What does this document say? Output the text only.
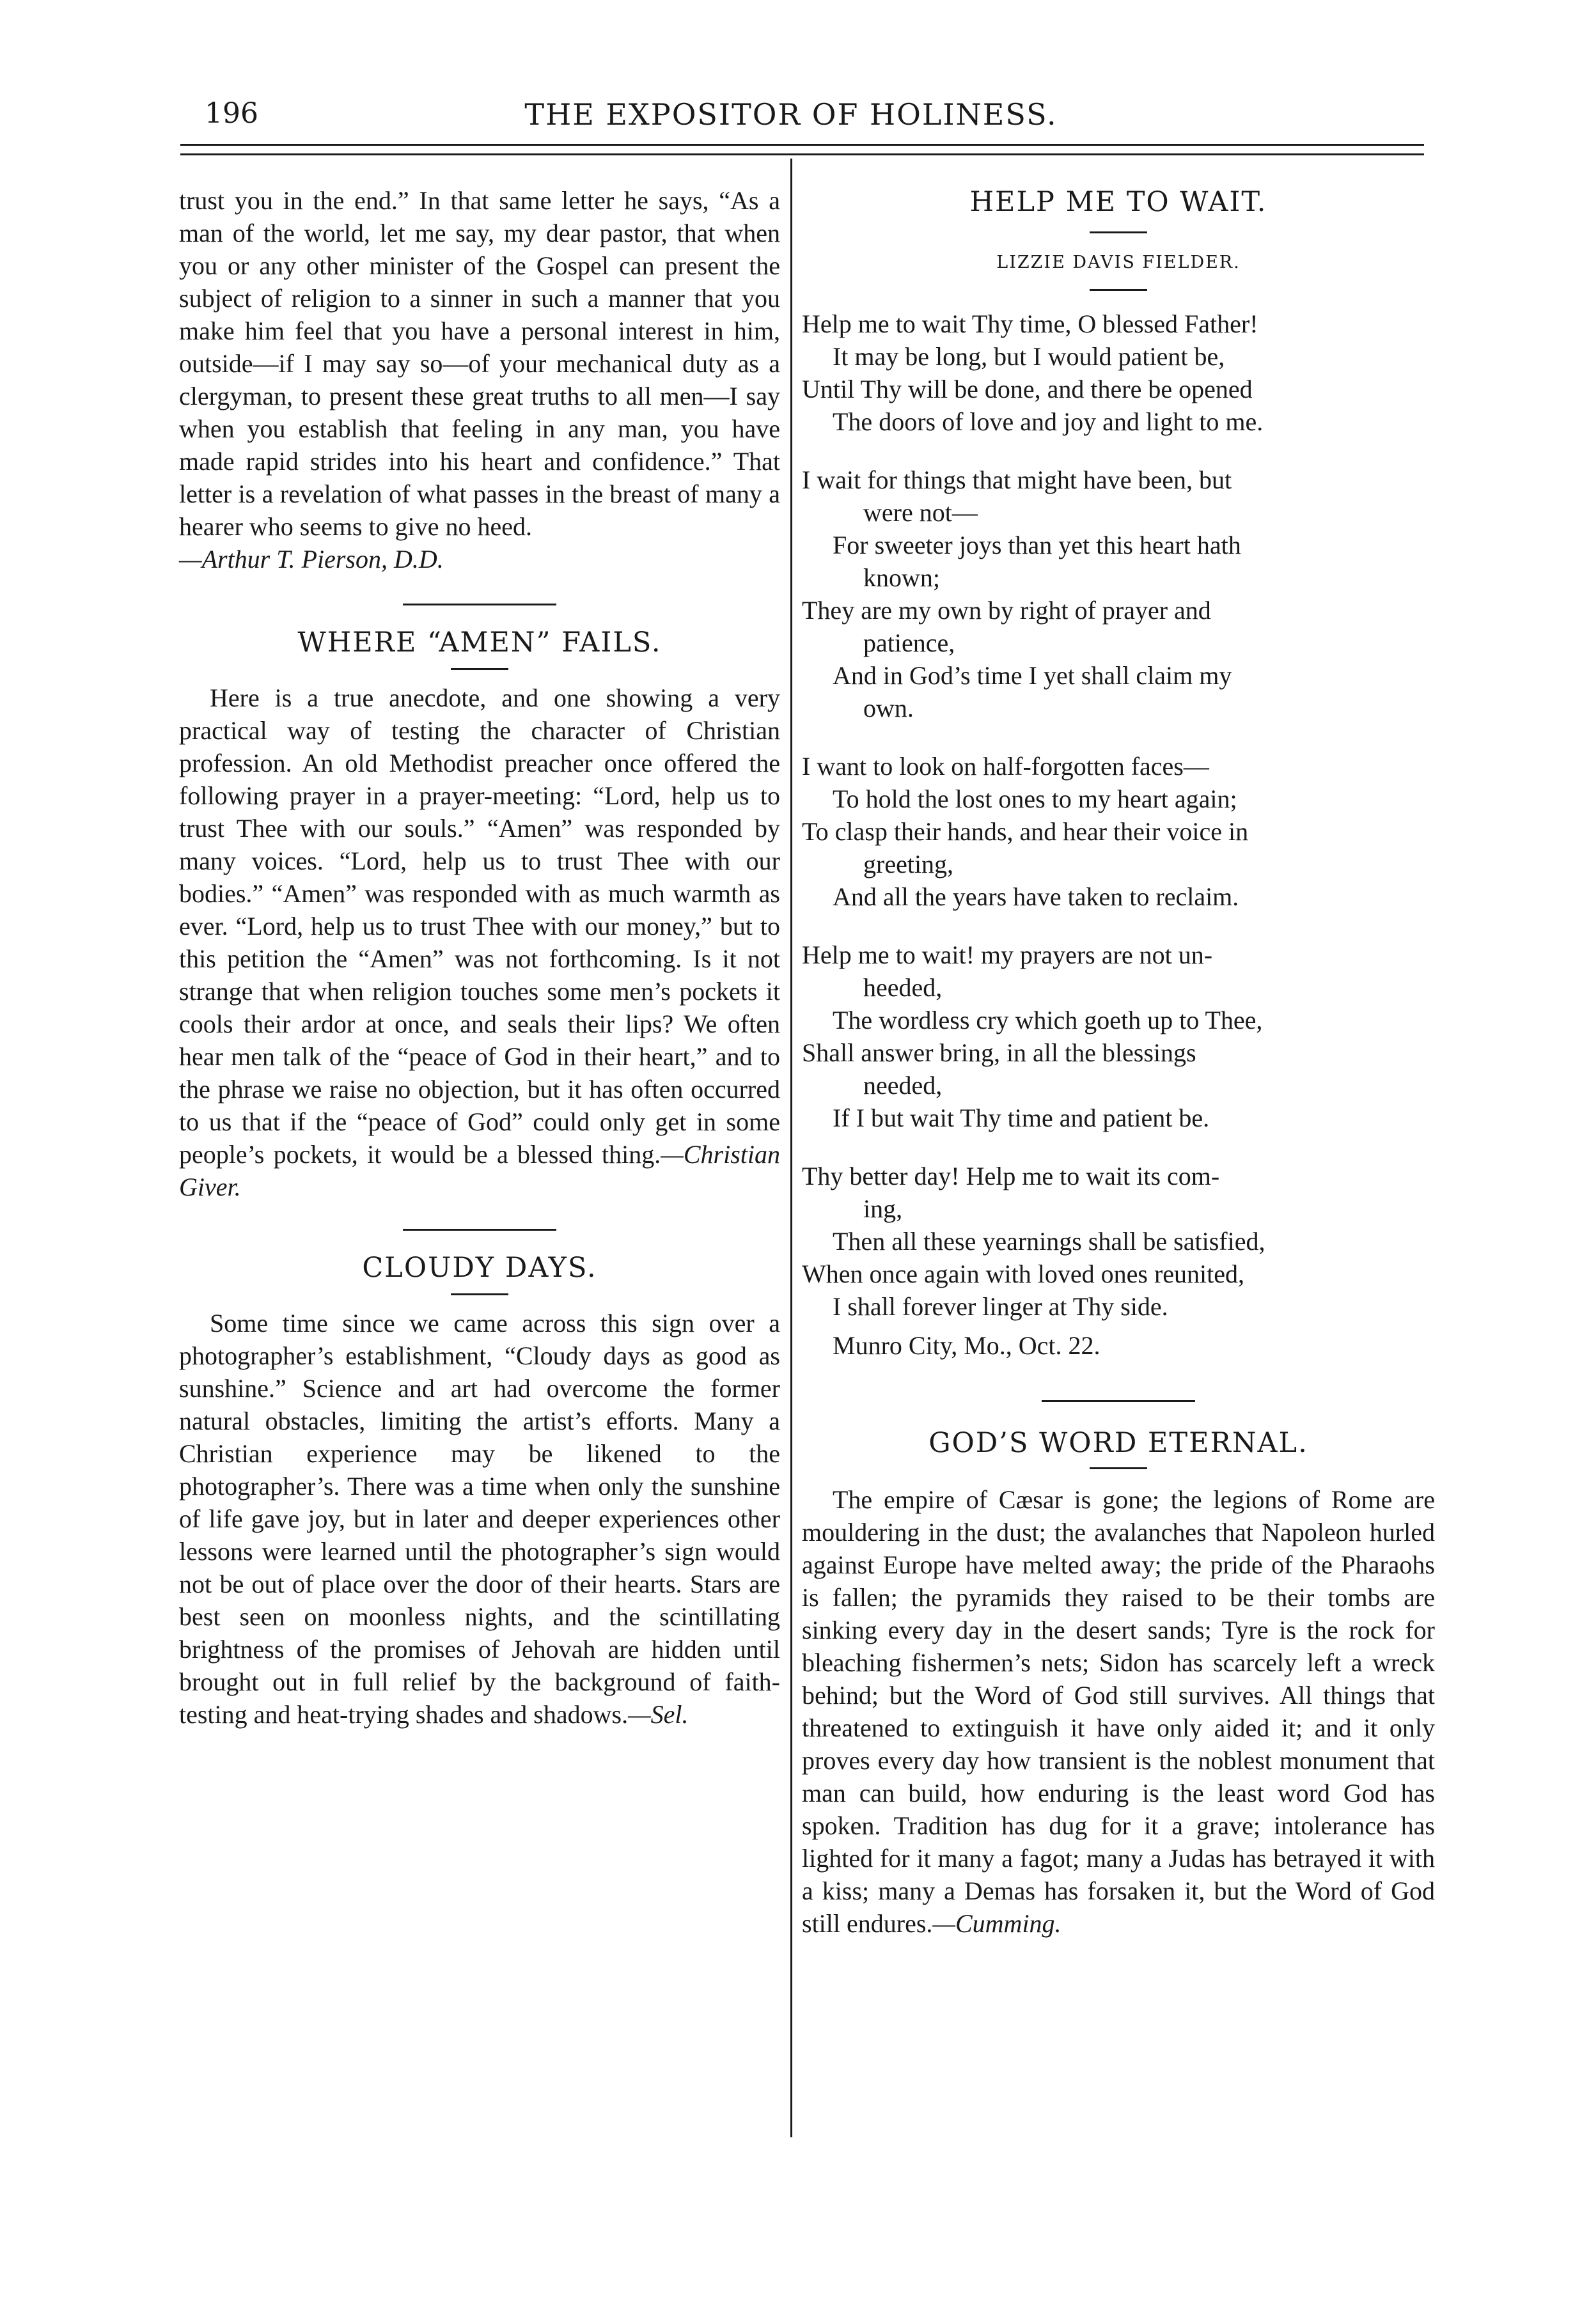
196	THE EXPOSITOR OF HOLINESS.

trust you in the end.” In that same letter he says, “As a man of the world, let me say, my dear pastor, that when you or any other minister of the Gospel can present the subject of religion to a sinner in such a manner that you make him feel that you have a personal interest in him, outside—if I may say so—of your mechanical duty as a clergyman, to present these great truths to all men—I say when you establish that feeling in any man, you have made rapid strides into his heart and confidence.” That letter is a revelation of what passes in the breast of many a hearer who seems to give no heed.

—Arthur T. Pierson, D.D.

WHERE “AMEN” FAILS.

Here is a true anecdote, and one showing a very practical way of testing the character of Christian profession. An old Methodist preacher once offered the following prayer in a prayer-meeting: “Lord, help us to trust Thee with our souls.” “Amen” was responded by many voices. “Lord, help us to trust Thee with our bodies.” “Amen” was responded with as much warmth as ever. “Lord, help us to trust Thee with our money,” but to this petition the “Amen” was not forthcoming. Is it not strange that when religion touches some men’s pockets it cools their ardor at once, and seals their lips? We often hear men talk of the “peace of God in their heart,” and to the phrase we raise no objection, but it has often occurred to us that if the “peace of God” could only get in some people’s pockets, it would be a blessed thing.—Christian Giver.

CLOUDY DAYS.

Some time since we came across this sign over a photographer’s establishment, “Cloudy days as good as sunshine.” Science and art had overcome the former natural obstacles, limiting the artist’s efforts. Many a Christian experience may be likened to the photographer’s. There was a time when only the sunshine of life gave joy, but in later and deeper experiences other lessons were learned until the photographer’s sign would not be out of place over the door of their hearts. Stars are best seen on moonless nights, and the scintillating brightness of the promises of Jehovah are hidden until brought out in full relief by the background of faith-testing and heat-trying shades and shadows.—Sel.

HELP ME TO WAIT.

LIZZIE DAVIS FIELDER.

Help me to wait Thy time, O blessed Father!
It may be long, but I would patient be,
Until Thy will be done, and there be opened
The doors of love and joy and light to me.
I wait for things that might have been, but
were not—
For sweeter joys than yet this heart hath
known;
They are my own by right of prayer and
patience,
And in God’s time I yet shall claim my
own.
I want to look on half-forgotten faces—
To hold the lost ones to my heart again;
To clasp their hands, and hear their voice in
greeting,
And all the years have taken to reclaim.
Help me to wait! my prayers are not un-
heeded,
The wordless cry which goeth up to Thee,
Shall answer bring, in all the blessings
needed,
If I but wait Thy time and patient be.
Thy better day! Help me to wait its com-
ing,
Then all these yearnings shall be satisfied,
When once again with loved ones reunited,
I shall forever linger at Thy side.
Munro City, Mo., Oct. 22.

GOD’S WORD ETERNAL.

The empire of Cæsar is gone; the legions of Rome are mouldering in the dust; the avalanches that Napoleon hurled against Europe have melted away; the pride of the Pharaohs is fallen; the pyramids they raised to be their tombs are sinking every day in the desert sands; Tyre is the rock for bleaching fishermen’s nets; Sidon has scarcely left a wreck behind; but the Word of God still survives. All things that threatened to extinguish it have only aided it; and it only proves every day how transient is the noblest monument that man can build, how enduring is the least word God has spoken. Tradition has dug for it a grave; intolerance has lighted for it many a fagot; many a Judas has betrayed it with a kiss; many a Demas has forsaken it, but the Word of God still endures.—Cumming.
